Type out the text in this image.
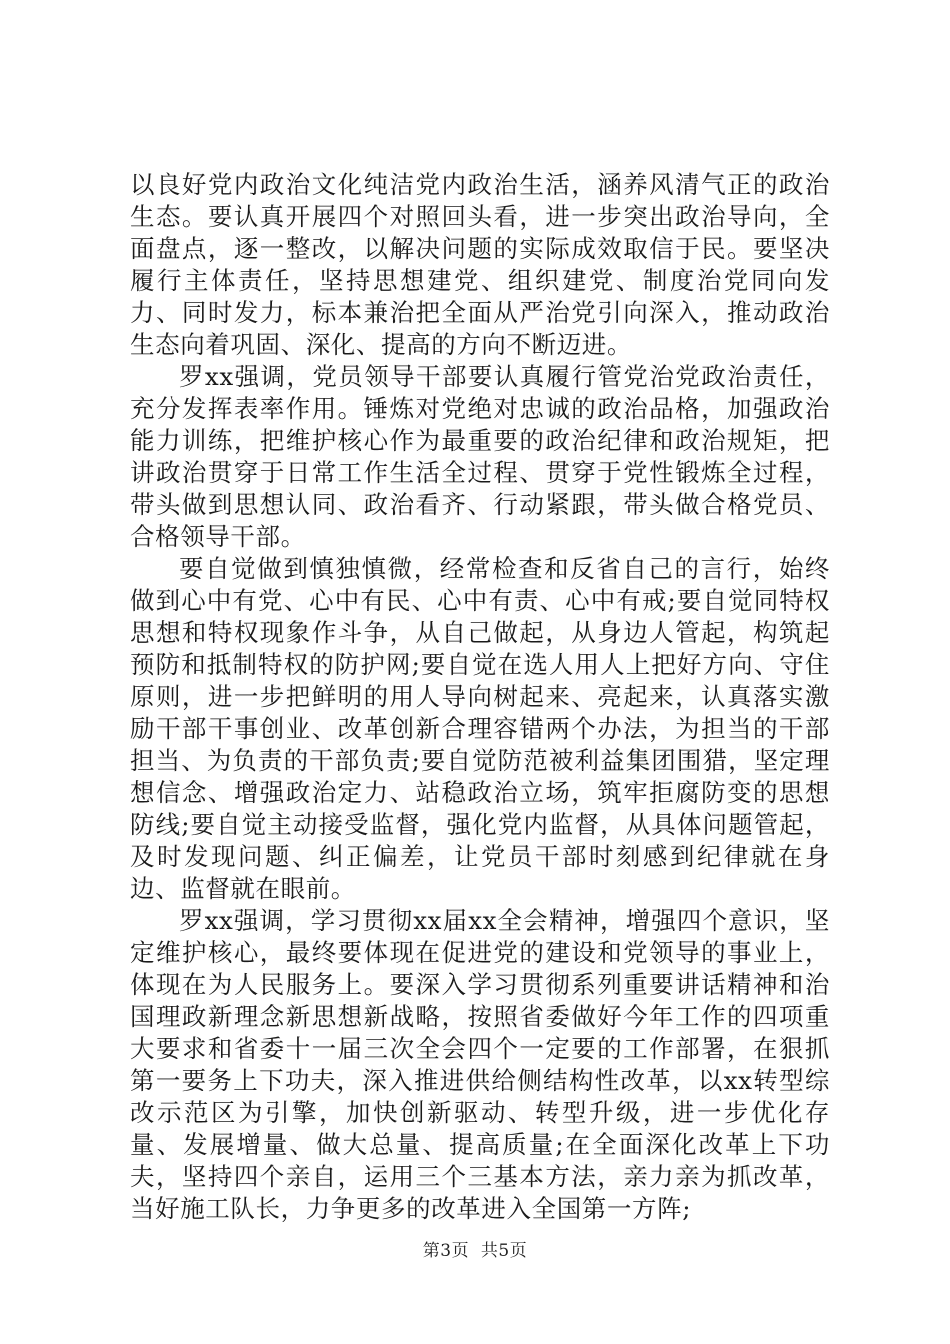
以良好党内政治文化纯洁党内政治生活，涵养风清气正的政治生态。要认真开展四个对照回头看，进一步突出政治导向，全面盘点，逐一整改，以解决问题的实际成效取信于民。要坚决履行主体责任，坚持思想建党、组织建党、制度治党同向发力、同时发力，标本兼治把全面从严治党引向深入，推动政治生态向着巩固、深化、提高的方向不断迈进。

罗xx强调，党员领导干部要认真履行管党治党政治责任，充分发挥表率作用。锤炼对党绝对忠诚的政治品格，加强政治能力训练，把维护核心作为最重要的政治纪律和政治规矩，把讲政治贯穿于日常工作生活全过程、贯穿于党性锻炼全过程，带头做到思想认同、政治看齐、行动紧跟，带头做合格党员、合格领导干部。

要自觉做到慎独慎微，经常检查和反省自己的言行，始终做到心中有党、心中有民、心中有责、心中有戒;要自觉同特权思想和特权现象作斗争，从自己做起，从身边人管起，构筑起预防和抵制特权的防护网;要自觉在选人用人上把好方向、守住原则，进一步把鲜明的用人导向树起来、亮起来，认真落实激励干部干事创业、改革创新合理容错两个办法，为担当的干部担当、为负责的干部负责;要自觉防范被利益集团围猎，坚定理想信念、增强政治定力、站稳政治立场，筑牢拒腐防变的思想防线;要自觉主动接受监督，强化党内监督，从具体问题管起，及时发现问题、纠正偏差，让党员干部时刻感到纪律就在身边、监督就在眼前。

罗xx强调，学习贯彻xx届xx全会精神，增强四个意识，坚定维护核心，最终要体现在促进党的建设和党领导的事业上，体现在为人民服务上。要深入学习贯彻系列重要讲话精神和治国理政新理念新思想新战略，按照省委做好今年工作的四项重大要求和省委十一届三次全会四个一定要的工作部署，在狠抓第一要务上下功夫，深入推进供给侧结构性改革，以xx转型综改示范区为引擎，加快创新驱动、转型升级，进一步优化存量、发展增量、做大总量、提高质量;在全面深化改革上下功夫，坚持四个亲自，运用三个三基本方法，亲力亲为抓改革，当好施工队长，力争更多的改革进入全国第一方阵;

第3页 共5页
